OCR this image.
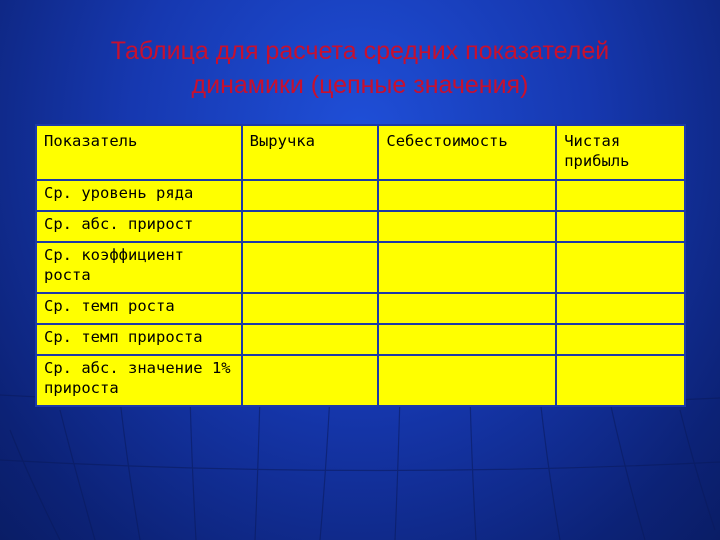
Таблица для расчета средних показателей
динамики (цепные значения)
Показатель	Выручка	Себестоимость	Чистая прибыль
Ср. уровень ряда			
Ср. абс. прирост			
Ср. коэффициент роста			
Ср. темп роста			
Ср. темп прироста			
Ср. абс. значение 1% прироста			
